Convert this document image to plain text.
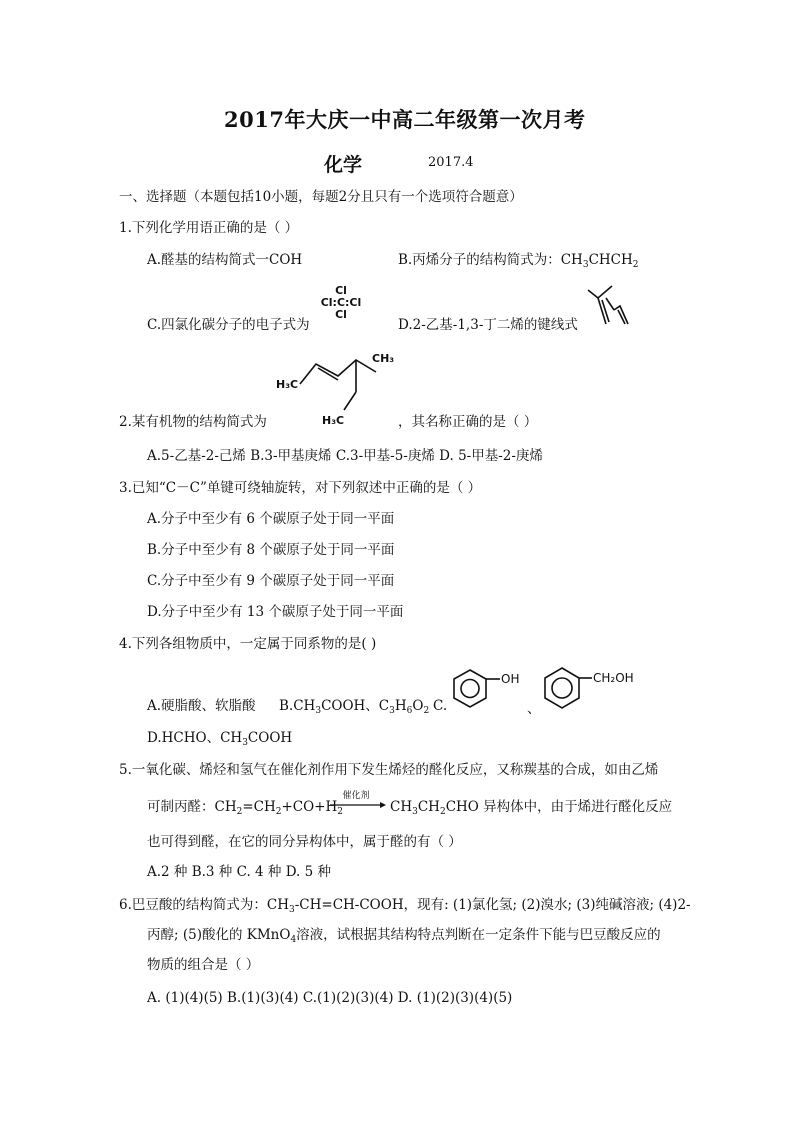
2017年大庆一中高二年级第一次月考
化学	2017.4
一、选择题（本题包括10小题，每题2分且只有一个选项符合题意）
1.下列化学用语正确的是（ ）
A.醛基的结构简式一COH	B.丙烯分子的结构简式为：$CH_3CHCH_2$
Cl
Cl:C:Cl
Cl
C.四氯化碳分子的电子式为	D.2-乙基-1,3-丁二烯的键线式
H₃C
CH₃
H₃C
2.某有机物的结构简式为	，其名称正确的是（ ）
A.5-乙基-2-己烯 B.3-甲基庚烯 C.3-甲基-5-庚烯 D. 5-甲基-2-庚烯
3.已知“C－C”单键可绕轴旋转，对下列叙述中正确的是（ ）
A.分子中至少有 6 个碳原子处于同一平面
B.分子中至少有 8 个碳原子处于同一平面
C.分子中至少有 9 个碳原子处于同一平面
D.分子中至少有 13 个碳原子处于同一平面
4.下列各组物质中，一定属于同系物的是( )
A.硬脂酸、软脂酸 $B.CH_3COOH$、$C_3H_6O_2$ C.
OH
、
CH₂OH
D.HCHO、$CH_3COOH$
5.一氧化碳、烯烃和氢气在催化剂作用下发生烯烃的醛化反应，又称羰基的合成，如由乙烯
可制丙醛：$CH_2=CH_2+CO+H_2$
催化剂
→ $CH_3CH_2CHO$ 异构体中，由于烯进行醛化反应
也可得到醛，在它的同分异构体中，属于醛的有（ ）
A.2 种 B.3 种 C. 4 种 D. 5 种
6.巴豆酸的结构简式为：$CH_3-CH=CH$-COOH，现有: (1)氯化氢; (2)溴水; (3)纯碱溶液; (4)2-
丙醇; (5)酸化的 KMnO$_4$溶液，试根据其结构特点判断在一定条件下能与巴豆酸反应的
物质的组合是（ ）
A. (1)(4)(5) B.(1)(3)(4) C.(1)(2)(3)(4) D. (1)(2)(3)(4)(5)
